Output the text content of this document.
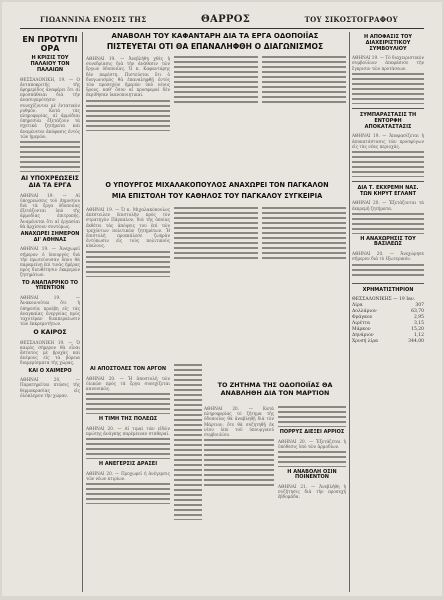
ΓΙΩΑΝΝΙΝΑ ΕΝΟΣΙΣ ΤΗΣ	ΘΑΡΡΟΣ	ΤΟΥ ΣΙΚΟΣΤΟΓΡΑΦΟΥ
ΕΝ ΠΡΟΤΥΠΙ ΟΡΑ
Η ΚΡΙΣΙΣ ΤΟΥ ΠΑΛΑΙΟΥ ΤΟΝ ΠΑΛΑΙΩΝ

ΘΕΣΣΑΛΟΝΙΚΗ, 19. — Ο ἀνταποκριτὴς τῆς ἐφημερίδος ἀναφέρει ὅτι αἱ προσπάθειαι διὰ τὴν ἀνασυγκρότησιν συνεχίζονται μὲ ἐντατικὸν ρυθμόν. Κατὰ τὰς πληροφορίας, αἱ ἀρμόδιαι ὑπηρεσίαι ἐξετάζουν τὰ σχετικὰ ζητήματα καὶ ἀναμένεται ἀπόφασις ἐντὸς τῶν ἡμερῶν.

ΑΙ ΥΠΟΧΡΕΩΣΕΙΣ ΔΙΑ ΤΑ ΕΡΓΑ

ΑΘΗΝΑΙ 19. — Αἱ ὑποχρεώσεις τοῦ Δημοσίου διὰ τὰ ἔργα ὁδοποιΐας ἐξετάζονται ὑπὸ τῆς ἀρμοδίας ἐπιτροπῆς. Ἀναμένεται ὅτι αἱ ἐργασίαι θὰ ἀρχίσουν συντόμως.

ΑΝΑΧΩΡΕΙ ΣΗΜΕΡΟΝ ΔΙ' ΑΘΗΝΑΣ

ΑΘΗΝΑΙ 19. — Ἀναχωρεῖ σήμερον ὁ ὑπουργὸς διὰ τὴν πρωτεύουσαν ὅπου θὰ παραμείνῃ ἐπὶ τινὰς ἡμέρας πρὸς διευθέτησιν ἐκκρεμῶν ζητημάτων.

ΤΟ ΑΝΑΠΑΡΡΙΚΟ ΤΟ ΥΠΕΝΤΙΟΝ

ΑΘΗΝΑΙ 19. — Ἀνακοινοῦται ὅτι ἡ ὑπηρεσία προέβη εἰς τὰς ἀναγκαίας ἐνεργείας πρὸς ταχυτέραν διεκπεραίωσιν τῶν ἐκκρεμοτήτων.

Ο ΚΑΙΡΟΣ

ΘΕΣΣΑΛΟΝΙΚΗ 19. — Ὁ καιρὸς σήμερον θὰ εἶναι ἄστατος μὲ βροχὰς καὶ ἀνέμους εἰς τὰ βόρεια διαμερίσματα τῆς χώρας.

ΚΑΙ Ο ΧΑΙΜΕΡΟ

ΑΘΗΝΑΙ 20. — Παρατηρεῖται πτῶσις τῆς θερμοκρασίας εἰς ὁλόκληρον τὴν χώραν.

ΑΝΑΒΟΛΗ ΤΟΥ ΚΑΦΑΝΤΑΡΗ ΔΙΑ ΤΑ ΕΡΓΑ ΟΔΟΠΟΙΪΑΣ
ΠΙΣΤΕΥΕΤΑΙ ΟΤΙ ΘΑ ΕΠΑΝΑΛΗΦΘΗ Ο ΔΙΑΓΩΝΙΣΜΟΣ

ΑΘΗΝΑΙ 19. — Ἀνεβλήθη χθὲς ἡ συνεδρίασις διὰ τὴν ἀνάθεσιν τῶν ἔργων ὁδοποιΐας. Ὁ κ. Καφαντάρης δὲν παρέστη. Πιστεύεται ὅτι ὁ διαγωνισμὸς θὰ ἐπαναληφθῇ ἐντὸς τῶν προσεχῶν ἡμερῶν ὑπὸ νέους ὅρους, καθ' ὅσον αἱ προσφοραὶ δὲν ἐκρίθησαν ἱκανοποιητικαί.

Ο ΥΠΟΥΡΓΟΣ ΜΙΧΑΛΑΚΟΠΟΥΛΟΣ ΑΝΑΧΩΡΕΙ ΤΟΝ ΠΑΓΚΑΛΟΝ
ΜΙΑ ΕΠΙΣΤΟΛΗ ΤΟΥ ΚΑΘΗΛΟΣ ΤΟΥ ΠΑΓΚΑΛΟΥ ΣΥΓΚΕΙΡΙΑ

ΑΘΗΝΑΙ 19. — Ὁ κ. Μιχαλακόπουλος ἀπέστειλεν ἐπιστολὴν πρὸς τὸν στρατηγὸν Πάγκαλον, διὰ τῆς ὁποίας ἐκθέτει τὰς ἀπόψεις του ἐπὶ τῶν τρεχόντων πολιτικῶν ζητημάτων. Ἡ ἐπιστολὴ προεκάλεσε ζωηρὰν ἐντύπωσιν εἰς τοὺς πολιτικοὺς κύκλους.

ΑΙ ΑΠΟΣΤΟΛΕΣ ΤΟΝ ΑΡΓΟΝ

ΑΘΗΝΑΙ 20. — Ἡ ἀποστολὴ τῶν ὑλικῶν πρὸς τὰ ἔργα συνεχίζεται κανονικῶς.

Η ΤΙΜΗ ΤΗΣ ΠΟΛΕΩΣ

ΑΘΗΝΑΙ 20. — Αἱ τιμαὶ τῶν εἰδῶν πρώτης ἀνάγκης παρέμειναν σταθεραί.

Η ΑΝΕΓΕΡΣΙΣ ΔΡΑΣΕΙ

ΑΘΗΝΑΙ 20. — Προχωρεῖ ἡ ἀνέγερσις τῶν νέων κτιρίων.

ΤΟ ΖΗΤΗΜΑ ΤΗΣ ΟΔΟΠΟΙΪΑΣ ΘΑ ΑΝΑΒΛΗΘΗ ΔΙΑ ΤΟΝ ΜΑΡΤΙΟΝ

ΑΘΗΝΑΙ 20. — Κατὰ πληροφορίας τὸ ζήτημα τῆς ὁδοποιΐας θὰ ἀναβληθῇ διὰ τὸν Μάρτιον, ὅτε θὰ συζητηθῇ ἐκ νέου ὑπὸ τοῦ ὑπουργικοῦ συμβουλίου.	ΠΟΡΡΥΣ ΔΙΕΞΕΙ ΑΡΡΙΟΣ

ΑΘΗΝΑΙ 20. — Ἐξετάζεται ἡ ὑπόθεσις ὑπὸ τῶν ἁρμοδίων.

Η ΑΝΑΒΟΛΗ ΟΣΙΝ ΠΟΙΝΕΝΤΟΝ

ΑΘΗΝΑΙ 21. — Ἀνεβλήθη ἡ συζήτησις διὰ τὴν προσεχῆ ἑβδομάδα.

Η ΑΠΟΦΑΣΙΣ ΤΟΥ ΔΙΑΧΕΙΡΙΣΤΙΚΟΥ ΣΥΜΒΟΥΛΙΟΥ

ΑΘΗΝΑΙ 19. — Τὸ διαχειριστικὸν συμβούλιον ἀπεφάσισε τὴν ἔγκρισιν τῶν προτάσεων.

ΣΥΜΠΑΡΑΣΤΑΣΙΣ ΤΗ ΕΝΤΟΡΦΗ ΑΠΟΚΑΤΑΣΤΑΣΙΣ

ΑΘΗΝΑΙ 19. — Ἀποφασίζεται ἡ ἀποκατάστασις τῶν προσφύγων εἰς τὰς νέας περιοχάς.

ΔΙΑ Τ. ΕΚΧΡΕΜΗ ΝΑΣ. ΤΩΝ ΚΗΡΥΤ ΕΓΛΑΝΤ

ΑΘΗΝΑΙ 20. — Ἐξετάζονται τὰ ἐκκρεμῆ ζητήματα.

Η ΑΝΑΧΩΡΗΣΙΣ ΤΟΥ ΒΑΣΙΛΕΩΣ

ΑΘΗΝΑΙ 20. — Ἀνεχώρησε σήμερον διὰ τὸ ἐξωτερικόν.

ΧΡΗΜΑΤΙΣΤΗΡΙΟΝ
ΘΕΣΣΑΛΟΝΙΚΗΣ — 19 Ιαν.
Λίρα	307
Δολλάριον	63,70
Φράγκον	2,95
Λιρέττα	3,15
Μάρκον	15,20
Δηνάριον	1,12
Χρυσή λίρα	344,00
